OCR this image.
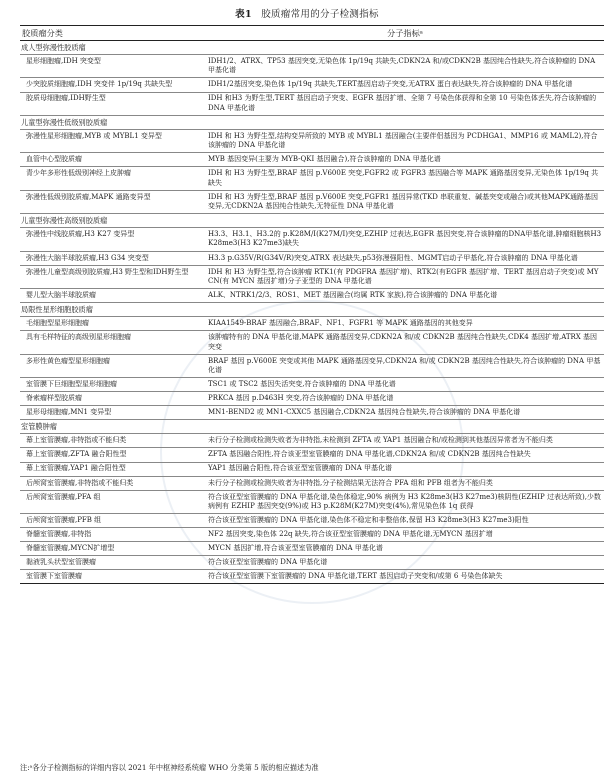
表1 胶质瘤常用的分子检测指标
胶质瘤分类	分子指标ᵃ
成人型弥漫性胶质瘤	
星形细胞瘤,IDH 突变型	IDH1/2、ATRX、TP53 基因突变,无染色体 1p/19q 共缺失,CDKN2A 和/或CDKN2B 基因纯合性缺失,符合该肿瘤的 DNA 甲基化谱
少突胶质细胞瘤,IDH 突变伴 1p/19q 共缺失型	IDH1/2基因突变,染色体 1p/19q 共缺失,TERT基因启动子突变,无ATRX 蛋白表达缺失,符合该肿瘤的 DNA 甲基化谱
胶质母细胞瘤,IDH野生型	IDH 和H3 为野生型,TERT 基因启动子突变、EGFR 基因扩增、全第 7 号染色体获得和全第 10 号染色体丢失,符合该肿瘤的 DNA 甲基化谱
儿童型弥漫性低级别胶质瘤	
弥漫性星形细胞瘤,MYB 或 MYBL1 变异型	IDH 和 H3 为野生型,结构变异所致的 MYB 或 MYBL1 基因融合(主要伴侣基因为 PCDHGA1、MMP16 或 MAML2),符合该肿瘤的 DNA 甲基化谱
血管中心型胶质瘤	MYB 基因变异(主要为 MYB-QKI 基因融合),符合该肿瘤的 DNA 甲基化谱
青少年多形性低级别神经上皮肿瘤	IDH 和 H3 为野生型,BRAF 基因 p.V600E 突变,FGFR2 或 FGFR3 基因融合等 MAPK 通路基因变异,无染色体 1p/19q 共缺失
弥漫性低级别胶质瘤,MAPK 通路变异型	IDH 和 H3 为野生型,BRAF 基因 p.V600E 突变,FGFR1 基因异常(TKD 串联重复、碱基突变或融合)或其他MAPK通路基因变异,无CDKN2A 基因纯合性缺失,无特征性 DNA 甲基化谱
儿童型弥漫性高级别胶质瘤	
弥漫性中线胶质瘤,H3 K27 变异型	H3.3、H3.1、H3.2的 p.K28M/I(K27M/I)突变,EZHIP 过表达,EGFR 基因突变,符合该肿瘤的DNA甲基化谱,肿瘤细胞核H3 K28me3(H3 K27me3)缺失
弥漫性大脑半球胶质瘤,H3 G34 突变型	H3.3 p.G35V/R(G34V/R)突变,ATRX 表达缺失,p53弥漫强阳性、MGMT启动子甲基化,符合该肿瘤的 DNA 甲基化谱
弥漫性儿童型高级别胶质瘤,H3 野生型和IDH野生型	IDH 和 H3 为野生型,符合该肿瘤 RTK1(有 PDGFRA 基因扩增)、RTK2(有EGFR 基因扩增、TERT 基因启动子突变)或 MYCN(有 MYCN 基因扩增)分子亚型的 DNA 甲基化谱
婴儿型大脑半球胶质瘤	ALK、NTRK1/2/3、ROS1、MET 基因融合(均属 RTK 家族),符合该肿瘤的 DNA 甲基化谱
局限性星形细胞胶质瘤	
毛细胞型星形细胞瘤	KIAA1549-BRAF 基因融合,BRAF、NF1、FGFR1 等 MAPK 通路基因的其他变异
具有毛样特征的高级别星形细胞瘤	该肿瘤特有的 DNA 甲基化谱,MAPK 通路基因变异,CDKN2A 和/或 CDKN2B 基因纯合性缺失,CDK4 基因扩增,ATRX 基因突变
多形性黄色瘤型星形细胞瘤	BRAF 基因 p.V600E 突变或其他 MAPK 通路基因变异,CDKN2A 和/或 CDKN2B 基因纯合性缺失,符合该肿瘤的 DNA 甲基化谱
室管膜下巨细胞型星形细胞瘤	TSC1 或 TSC2 基因失活突变,符合该肿瘤的 DNA 甲基化谱
脊索瘤样型胶质瘤	PRKCA 基因 p.D463H 突变,符合该肿瘤的 DNA 甲基化谱
星形母细胞瘤,MN1 变异型	MN1-BEND2 或 MN1-CXXC5 基因融合,CDKN2A 基因纯合性缺失,符合该肿瘤的 DNA 甲基化谱
室管膜肿瘤	
幕上室管膜瘤,非特指或不能归类	未行分子检测或检测失败者为非特指,未检测到 ZFTA 或 YAP1 基因融合和/或检测到其他基因异常者为不能归类
幕上室管膜瘤,ZFTA 融合阳性型	ZFTA 基因融合阳性,符合该亚型室管膜瘤的 DNA 甲基化谱,CDKN2A 和/或 CDKN2B 基因纯合性缺失
幕上室管膜瘤,YAP1 融合阳性型	YAP1 基因融合阳性,符合该亚型室管膜瘤的 DNA 甲基化谱
后颅窝室管膜瘤,非特指或不能归类	未行分子检测或检测失败者为非特指,分子检测结果无法符合 PFA 组和 PFB 组者为不能归类
后颅窝室管膜瘤,PFA 组	符合该亚型室管膜瘤的 DNA 甲基化谱,染色体稳定,90% 病例为 H3 K28me3(H3 K27me3)核阴性(EZHIP 过表达所致),少数病例有 EZHIP 基因突变(9%)或 H3 p.K28M(K27M)突变(4%),常见染色体 1q 获得
后颅窝室管膜瘤,PFB 组	符合该亚型室管膜瘤的 DNA 甲基化谱,染色体不稳定和非整倍体,保留 H3 K28me3(H3 K27me3)阳性
脊髓室管膜瘤,非特指	NF2 基因突变,染色体 22q 缺失,符合该亚型室管膜瘤的 DNA 甲基化谱,无MYCN 基因扩增
脊髓室管膜瘤,MYCN扩增型	MYCN 基因扩增,符合该亚型室管膜瘤的 DNA 甲基化谱
黏液乳头状型室管膜瘤	符合该亚型室管膜瘤的 DNA 甲基化谱
室管膜下室管膜瘤	符合该亚型室管膜下室管膜瘤的 DNA 甲基化谱,TERT 基因启动子突变和/或第 6 号染色体缺失
注:ᵃ各分子检测指标的详细内容以 2021 年中枢神经系统瘤 WHO 分类第 5 版的相应描述为准
